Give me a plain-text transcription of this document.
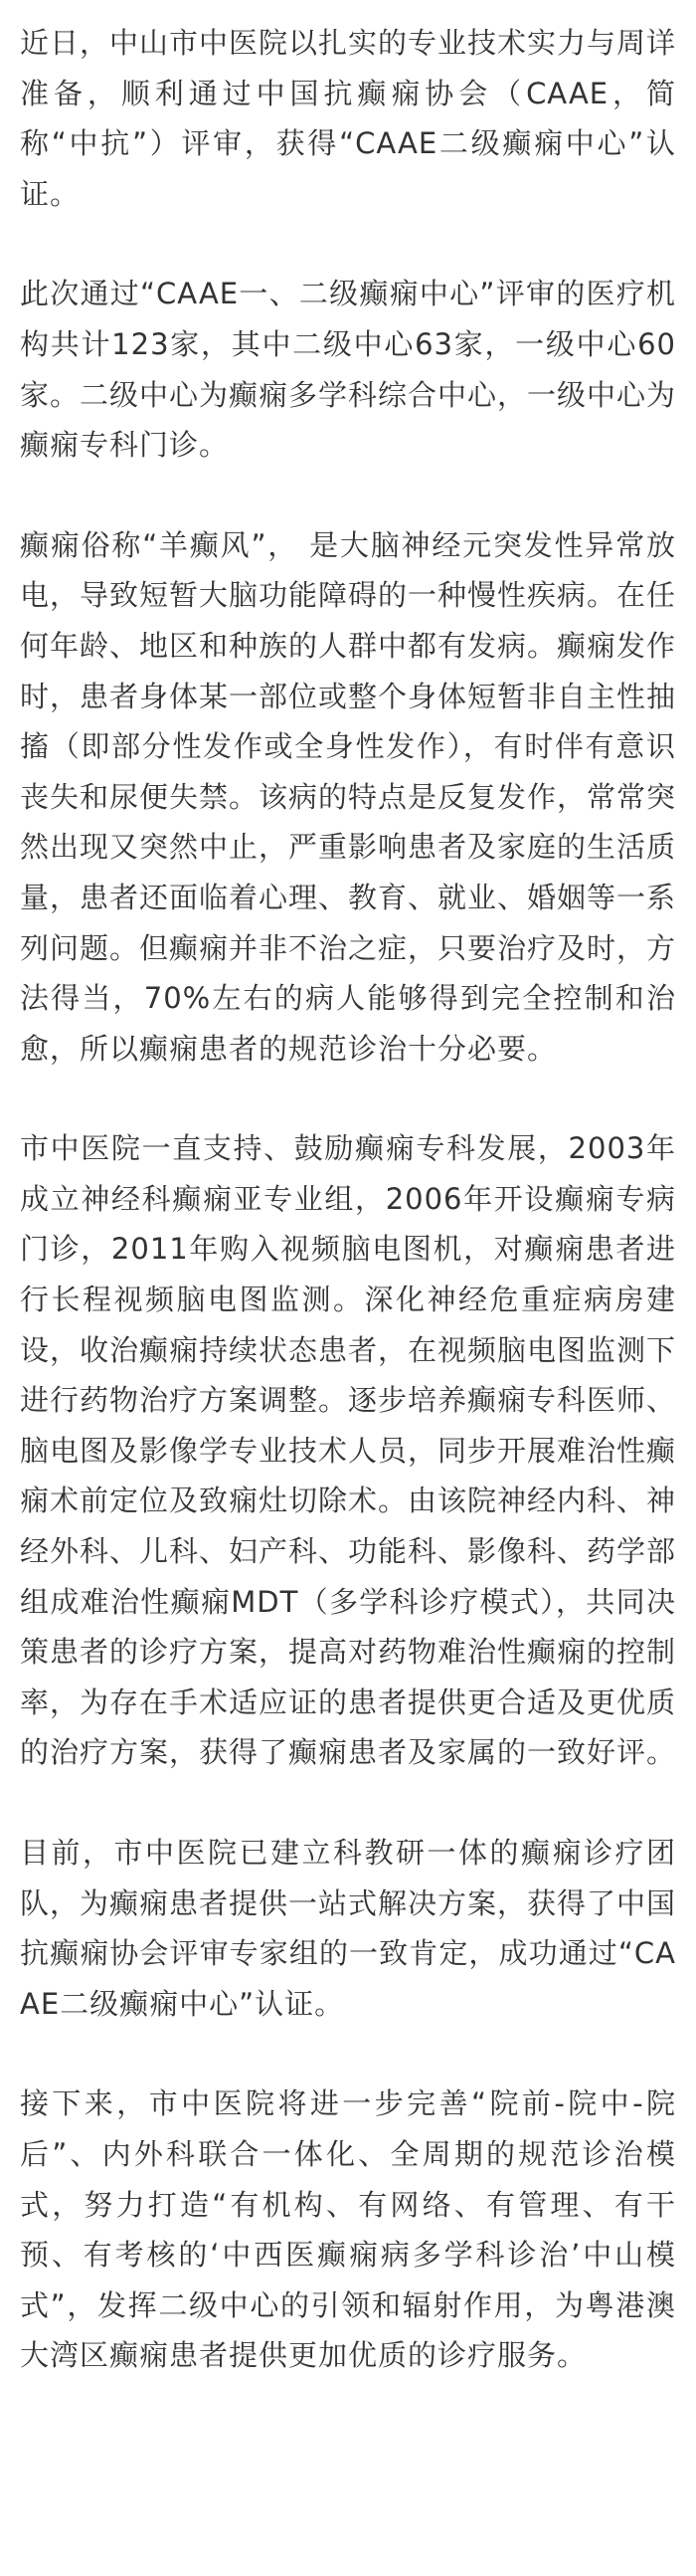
近日，中山市中医院以扎实的专业技术实力与周详准备，顺利通过中国抗癫痫协会（CAAE，简称“中抗”）评审，获得“CAAE二级癫痫中心”认证。

此次通过“CAAE一、二级癫痫中心”评审的医疗机构共计123家，其中二级中心63家，一级中心60家。二级中心为癫痫多学科综合中心，一级中心为癫痫专科门诊。

癫痫俗称“羊癫风”， 是大脑神经元突发性异常放电，导致短暂大脑功能障碍的一种慢性疾病。在任何年龄、地区和种族的人群中都有发病。癫痫发作时，患者身体某一部位或整个身体短暂非自主性抽搐（即部分性发作或全身性发作），有时伴有意识丧失和尿便失禁。该病的特点是反复发作，常常突然出现又突然中止，严重影响患者及家庭的生活质量，患者还面临着心理、教育、就业、婚姻等一系列问题。但癫痫并非不治之症，只要治疗及时，方法得当，70%左右的病人能够得到完全控制和治愈，所以癫痫患者的规范诊治十分必要。

市中医院一直支持、鼓励癫痫专科发展，2003年成立神经科癫痫亚专业组，2006年开设癫痫专病门诊，2011年购入视频脑电图机，对癫痫患者进行长程视频脑电图监测。深化神经危重症病房建设，收治癫痫持续状态患者，在视频脑电图监测下进行药物治疗方案调整。逐步培养癫痫专科医师、脑电图及影像学专业技术人员，同步开展难治性癫痫术前定位及致痫灶切除术。由该院神经内科、神经外科、儿科、妇产科、功能科、影像科、药学部组成难治性癫痫MDT（多学科诊疗模式），共同决策患者的诊疗方案，提高对药物难治性癫痫的控制率，为存在手术适应证的患者提供更合适及更优质的治疗方案，获得了癫痫患者及家属的一致好评。

目前，市中医院已建立科教研一体的癫痫诊疗团队，为癫痫患者提供一站式解决方案，获得了中国抗癫痫协会评审专家组的一致肯定，成功通过“CAAE二级癫痫中心”认证。

接下来，市中医院将进一步完善“院前-院中-院后”、内外科联合一体化、全周期的规范诊治模式，努力打造“有机构、有网络、有管理、有干预、有考核的‘中西医癫痫病多学科诊治’中山模式”，发挥二级中心的引领和辐射作用，为粤港澳大湾区癫痫患者提供更加优质的诊疗服务。
